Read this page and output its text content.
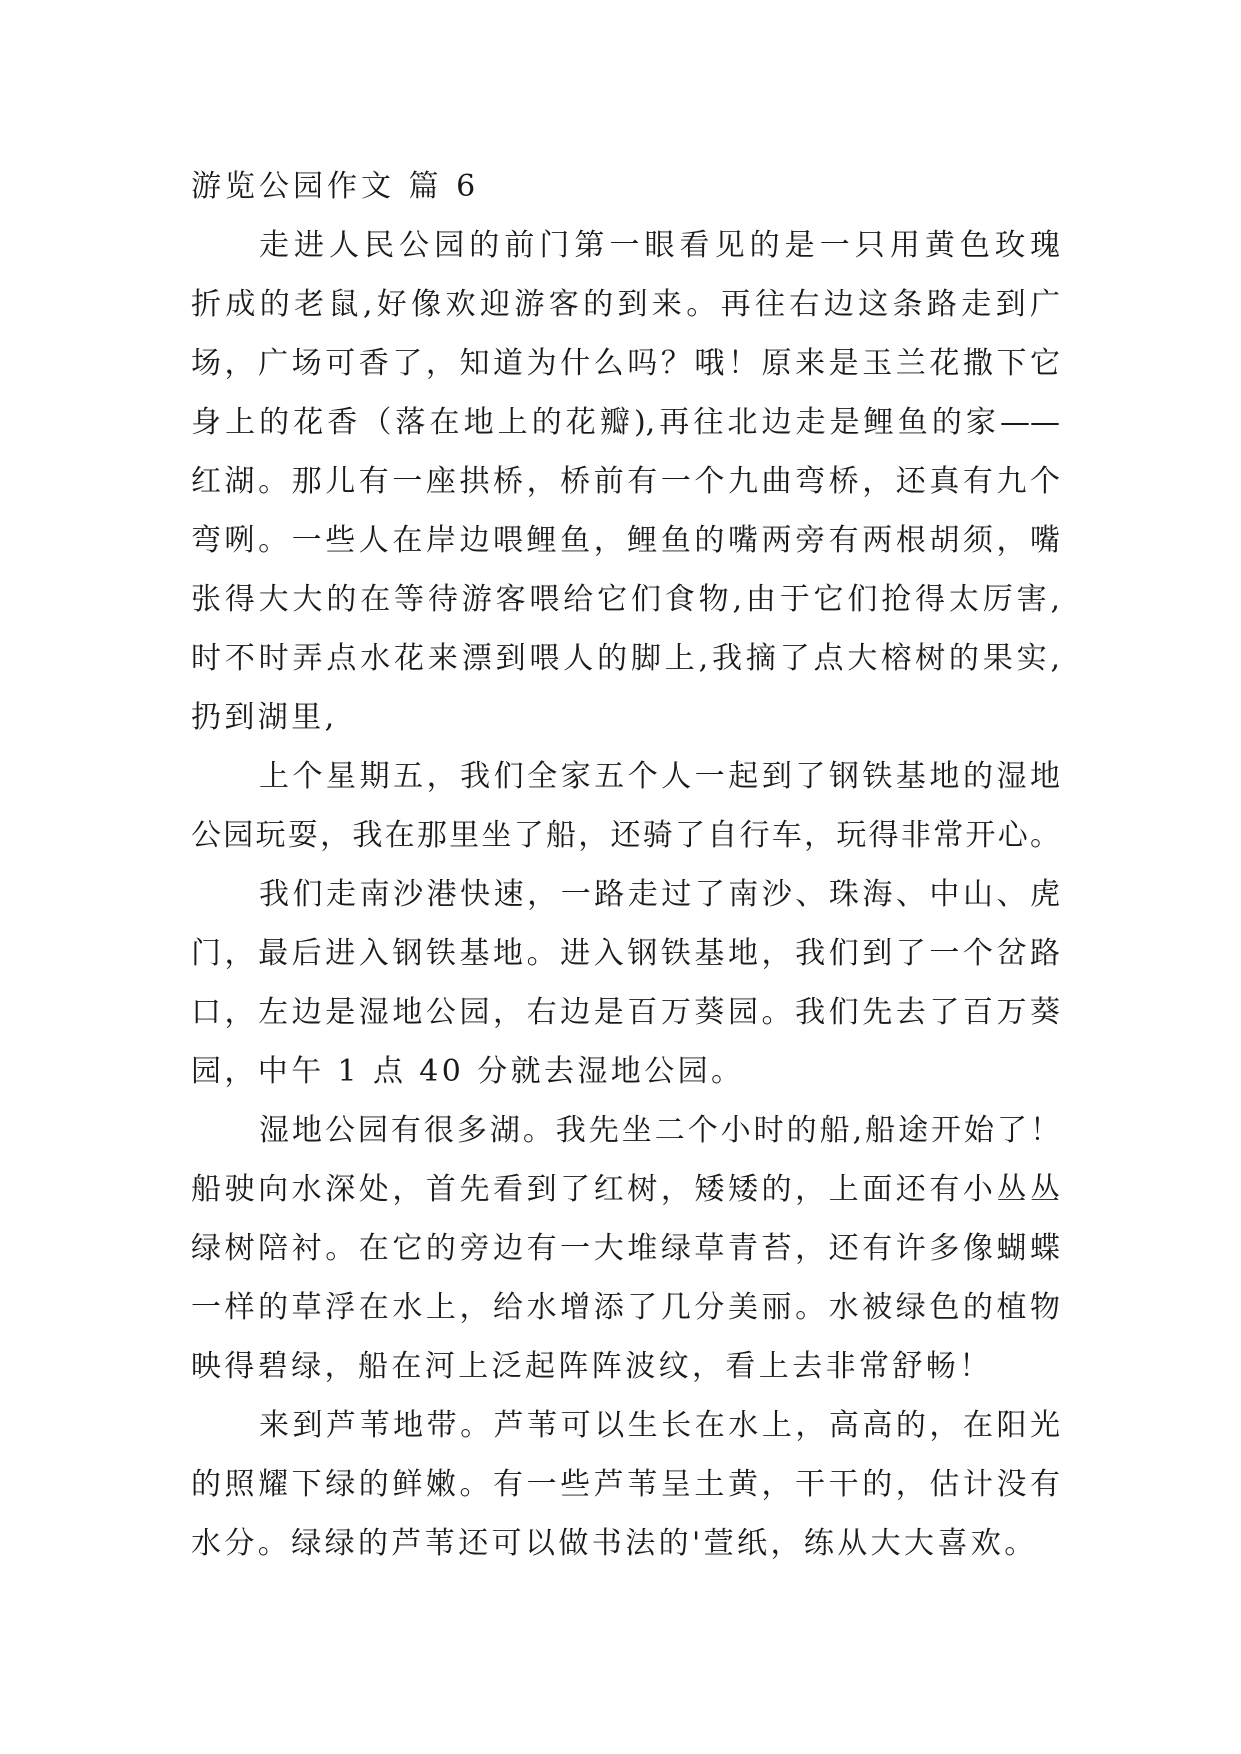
游览公园作文 篇 6
走进人民公园的前门第一眼看见的是一只用黄色玫瑰
折成的老鼠,好像欢迎游客的到来。再往右边这条路走到广
场，广场可香了，知道为什么吗？哦！原来是玉兰花撒下它
身上的花香（落在地上的花瓣),再往北边走是鲤鱼的家——
红湖。那儿有一座拱桥，桥前有一个九曲弯桥，还真有九个
弯咧。一些人在岸边喂鲤鱼，鲤鱼的嘴两旁有两根胡须，嘴
张得大大的在等待游客喂给它们食物,由于它们抢得太厉害,
时不时弄点水花来漂到喂人的脚上,我摘了点大榕树的果实,
扔到湖里,
上个星期五，我们全家五个人一起到了钢铁基地的湿地
公园玩耍，我在那里坐了船，还骑了自行车，玩得非常开心。
我们走南沙港快速，一路走过了南沙、珠海、中山、虎
门，最后进入钢铁基地。进入钢铁基地，我们到了一个岔路
口，左边是湿地公园，右边是百万葵园。我们先去了百万葵
园，中午 1 点 40 分就去湿地公园。
湿地公园有很多湖。我先坐二个小时的船,船途开始了！
船驶向水深处，首先看到了红树，矮矮的，上面还有小丛丛
绿树陪衬。在它的旁边有一大堆绿草青苔，还有许多像蝴蝶
一样的草浮在水上，给水增添了几分美丽。水被绿色的植物
映得碧绿，船在河上泛起阵阵波纹，看上去非常舒畅！
来到芦苇地带。芦苇可以生长在水上，高高的，在阳光
的照耀下绿的鲜嫩。有一些芦苇呈土黄，干干的，估计没有
水分。绿绿的芦苇还可以做书法的'萱纸，练从大大喜欢。
